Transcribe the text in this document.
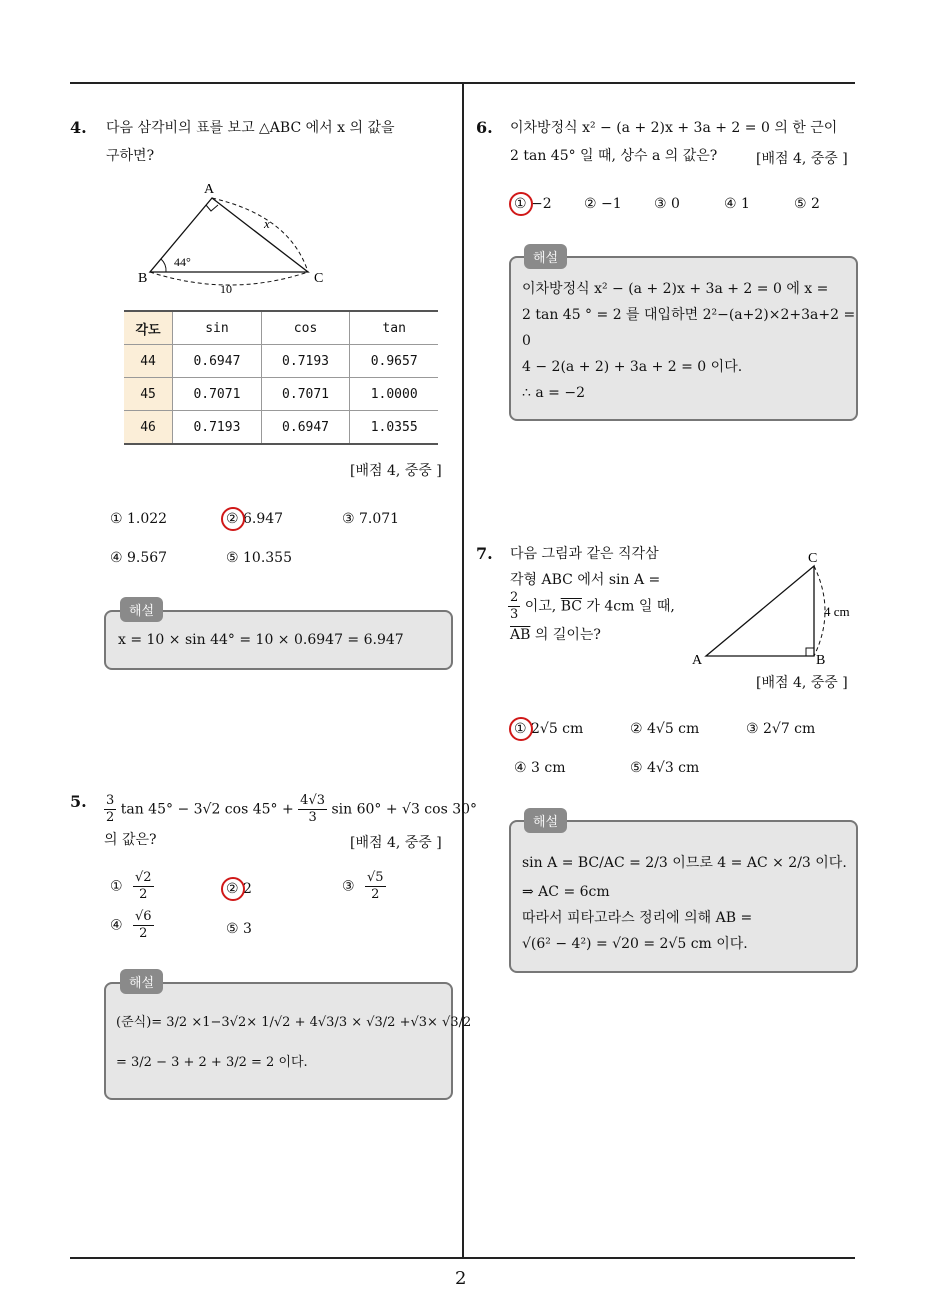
2
4. 다음 삼각비의 표를 보고 △ABC 에서 x 의 값을
구하면?
A
B	C
x
44°
10
각도	sin	cos	tan
44	0.6947	0.7193	0.9657
45	0.7071	0.7071	1.0000
46	0.7193	0.6947	1.0355
[배점 4, 중중 ]
① 1.022	② 6.947	③ 7.071
④ 9.567	⑤ 10.355
해설
x = 10 × sin 44° = 10 × 0.6947 = 6.947
5. $\frac{3}{2}$ tan 45° − 3√2 $\cos 45^\circ + \frac{4√3}{3}$ sin 60° + √3 cos 30°
의 값은?	[배점 4, 중중 ]
① $\frac{√2}{2}$	② 2	③ $\frac{√5}{2}$
④ $\frac{√6}{2}$	⑤ 3
해설
(준식)= 3/2 ×1−3√2× 1/√2 + 4√3/3 × √3/2 +√3× √3/2
= 3/2 − 3 + 2 + 3/2 = 2 이다.
6. 이차방정식 x² − (a + 2)x + 3a + 2 = 0 의 한 근이
2 tan 45° 일 때, 상수 a 의 값은?	[배점 4, 중중 ]
① −2 ② −1 ③ 0	④ 1	⑤ 2
해설
이차방정식 x² − (a + 2)x + 3a + 2 = 0 에 x =
2 tan 45 ° = 2 를 대입하면 2²−(a+2)×2+3a+2 =
0
4 − 2(a + 2) + 3a + 2 = 0 이다.
∴ a = −2
7. 다음 그림과 같은 직각삼
각형 ABC 에서 sin A =
$\frac{2}{3}$ 이고, $\overline{BC}$ 가 4cm 일 때,
$\overline{AB}$ 의 길이는?
A	B
C
4 cm
[배점 4, 중중 ]
① 2√5 cm	② 4√5 cm	③ 2√7 cm
④ 3 cm	⑤ 4√3 cm
해설
sin A = BC/AC = 2/3 이므로 4 = AC × 2/3 이다.
⇒ AC = 6cm
따라서 피타고라스 정리에 의해 AB =
√(6² − 4²) = √20 = 2√5 cm 이다.
